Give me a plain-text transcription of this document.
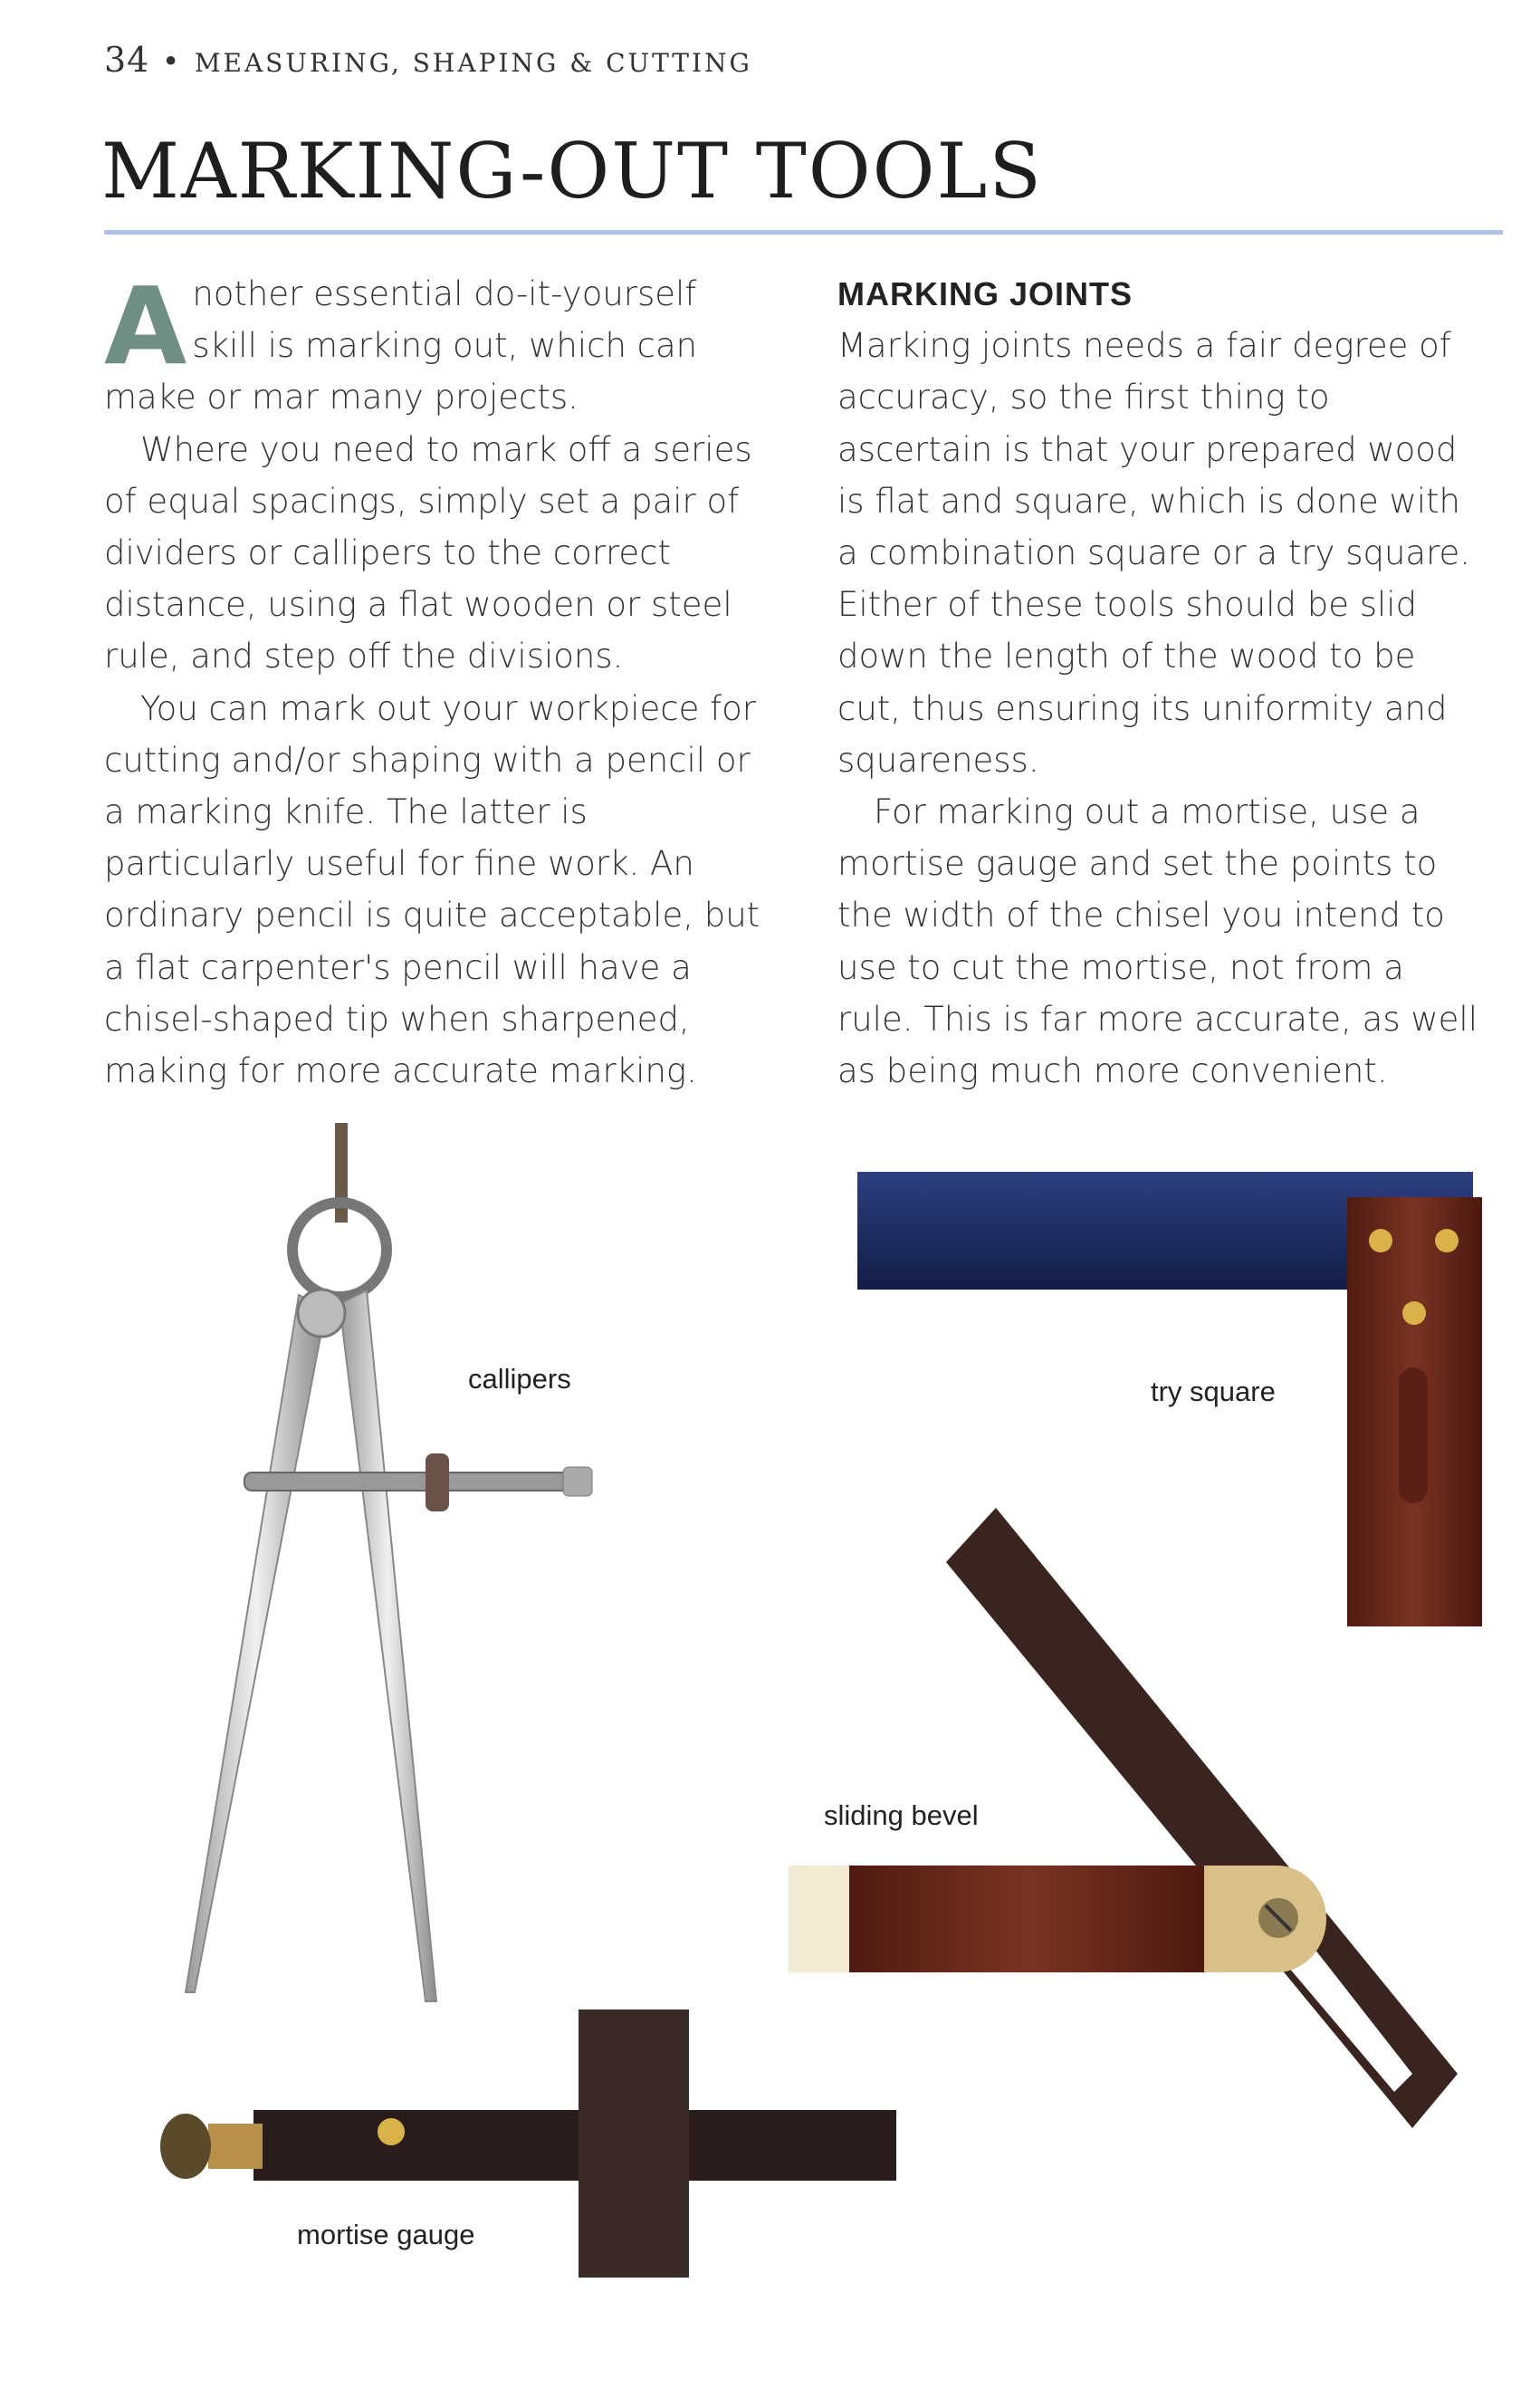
34 • MEASURING, SHAPING & CUTTING
MARKING-OUT TOOLS

Another essential do-it-yourself skill is marking out, which can make or mar many projects.

Where you need to mark off a series of equal spacings, simply set a pair of dividers or callipers to the correct distance, using a flat wooden or steel rule, and step off the divisions.

You can mark out your workpiece for cutting and/or shaping with a pencil or a marking knife. The latter is particularly useful for fine work. An ordinary pencil is quite acceptable, but a flat carpenter's pencil will have a chisel-shaped tip when sharpened, making for more accurate marking.

MARKING JOINTS

Marking joints needs a fair degree of accuracy, so the first thing to ascertain is that your prepared wood is flat and square, which is done with a combination square or a try square. Either of these tools should be slid down the length of the wood to be cut, thus ensuring its uniformity and squareness.

For marking out a mortise, use a mortise gauge and set the points to the width of the chisel you intend to use to cut the mortise, not from a rule. This is far more accurate, as well as being much more convenient.

callipers	try square
sliding bevel
mortise gauge
